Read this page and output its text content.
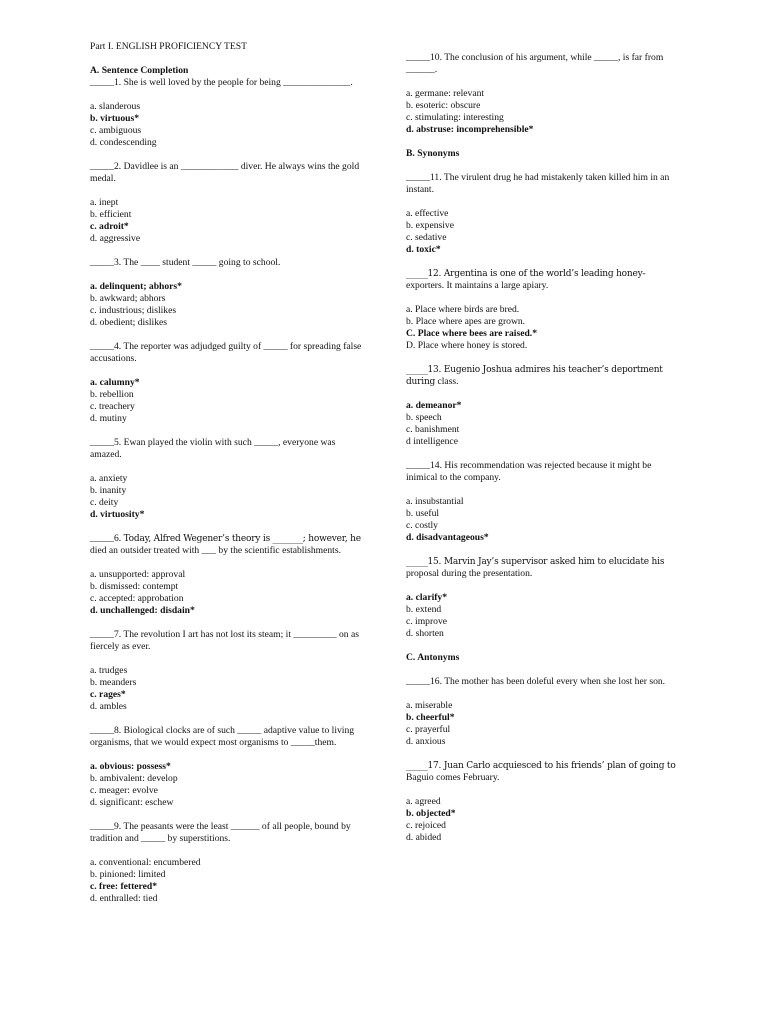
Part I. ENGLISH PROFICIENCY TEST

A. Sentence Completion

_____1. She is well loved by the people for being ______________.

a. slanderous

b. virtuous*

c. ambiguous

d. condescending

_____2. Davidlee is an ____________ diver. He always wins the gold medal.

a. inept

b. efficient

c. adroit*

d. aggressive

_____3. The ____ student _____ going to school.

a. delinquent; abhors*

b. awkward; abhors

c. industrious; dislikes

d. obedient; dislikes

_____4. The reporter was adjudged guilty of _____ for spreading false accusations.

a. calumny*

b. rebellion

c. treachery

d. mutiny

_____5. Ewan played the violin with such _____, everyone was amazed.

a. anxiety

b. inanity

c. deity

d. virtuosity*

_____6. Today, Alfred Wegener’s theory is _______; however, he died an outsider treated with ___ by the scientific establishments.

a. unsupported: approval

b. dismissed: contempt

c. accepted: approbation

d. unchallenged: disdain*

_____7. The revolution I art has not lost its steam; it _________ on as fiercely as ever.

a. trudges

b. meanders

c. rages*

d. ambles

_____8. Biological clocks are of such _____ adaptive value to living organisms, that we would expect most organisms to _____them.

a. obvious: possess*

b. ambivalent: develop

c. meager: evolve

d. significant: eschew

_____9. The peasants were the least ______ of all people, bound by tradition and _____ by superstitions.

a. conventional: encumbered

b. pinioned: limited

c. free: fettered*

d. enthralled: tied

_____10. The conclusion of his argument, while _____, is far from ______.

a. germane: relevant

b. esoteric: obscure

c. stimulating: interesting

d. abstruse: incomprehensible*

B. Synonyms

_____11. The virulent drug he had mistakenly taken killed him in an instant.

a. effective

b. expensive

c. sedative

d. toxic*

_____12. Argentina is one of the world’s leading honey-exporters. It maintains a large apiary.

a. Place where birds are bred.

b. Place where apes are grown.

C. Place where bees are raised.*

D. Place where honey is stored.

_____13. Eugenio Joshua admires his teacher’s deportment during class.

a. demeanor*

b. speech

c. banishment

d intelligence

_____14. His recommendation was rejected because it might be inimical to the company.

a. insubstantial

b. useful

c. costly

d. disadvantageous*

_____15. Marvin Jay’s supervisor asked him to elucidate his proposal during the presentation.

a. clarify*

b. extend

c. improve

d. shorten

C. Antonyms

_____16. The mother has been doleful every when she lost her son.

a. miserable

b. cheerful*

c. prayerful

d. anxious

_____17. Juan Carlo acquiesced to his friends’ plan of going to Baguio comes February.

a. agreed

b. objected*

c. rejoiced

d. abided
